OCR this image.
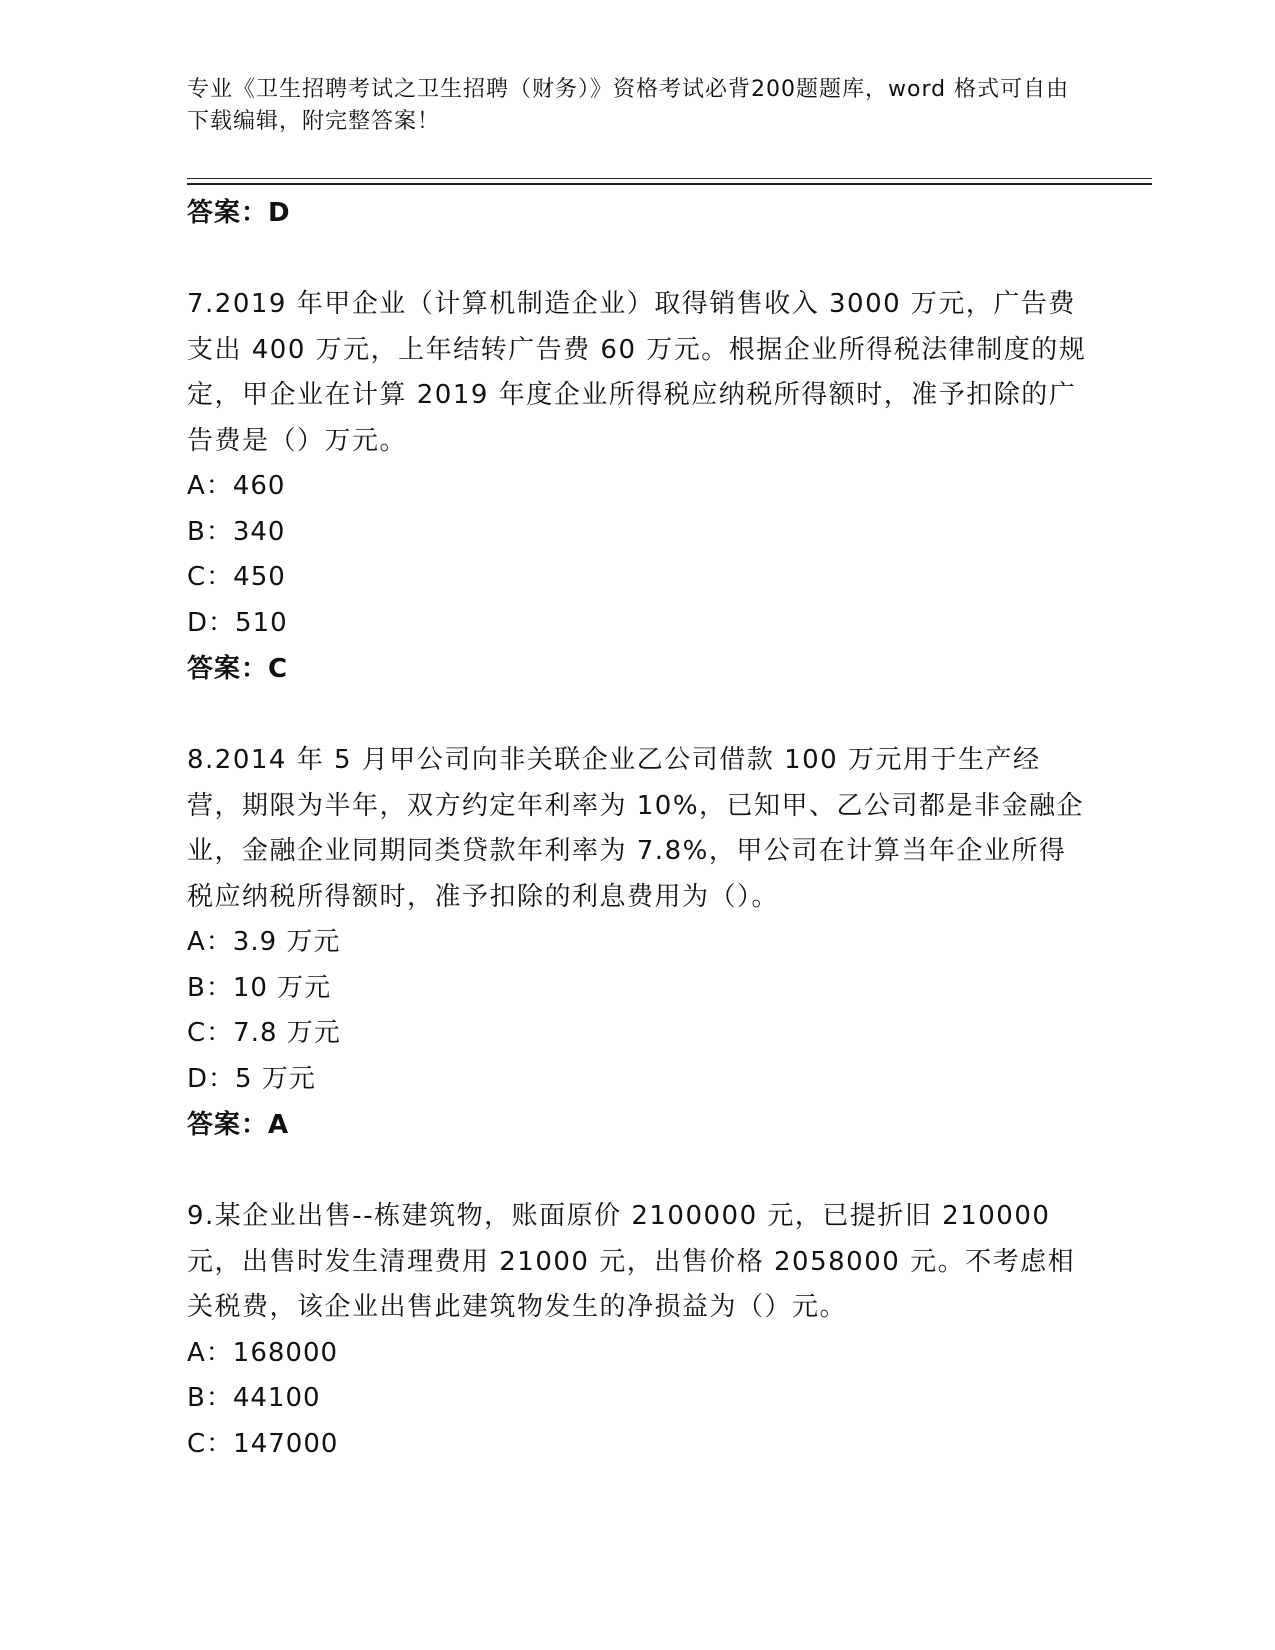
专业《卫生招聘考试之卫生招聘（财务）》资格考试必背200题题库，word 格式可自由下载编辑，附完整答案！
答案：D
7.2019 年甲企业（计算机制造企业）取得销售收入 3000 万元，广告费支出 400 万元，上年结转广告费 60 万元。根据企业所得税法律制度的规定，甲企业在计算 2019 年度企业所得税应纳税所得额时，准予扣除的广告费是（）万元。
A：460
B：340
C：450
D：510
答案：C
8.2014 年 5 月甲公司向非关联企业乙公司借款 100 万元用于生产经营，期限为半年，双方约定年利率为 10%，已知甲、乙公司都是非金融企业，金融企业同期同类贷款年利率为 7.8%，甲公司在计算当年企业所得税应纳税所得额时，准予扣除的利息费用为（）。
A：3.9 万元
B：10 万元
C：7.8 万元
D：5 万元
答案：A
9.某企业出售--栋建筑物，账面原价 2100000 元，已提折旧 210000 元，出售时发生清理费用 21000 元，出售价格 2058000 元。不考虑相关税费，该企业出售此建筑物发生的净损益为（）元。
A：168000
B：44100
C：147000
